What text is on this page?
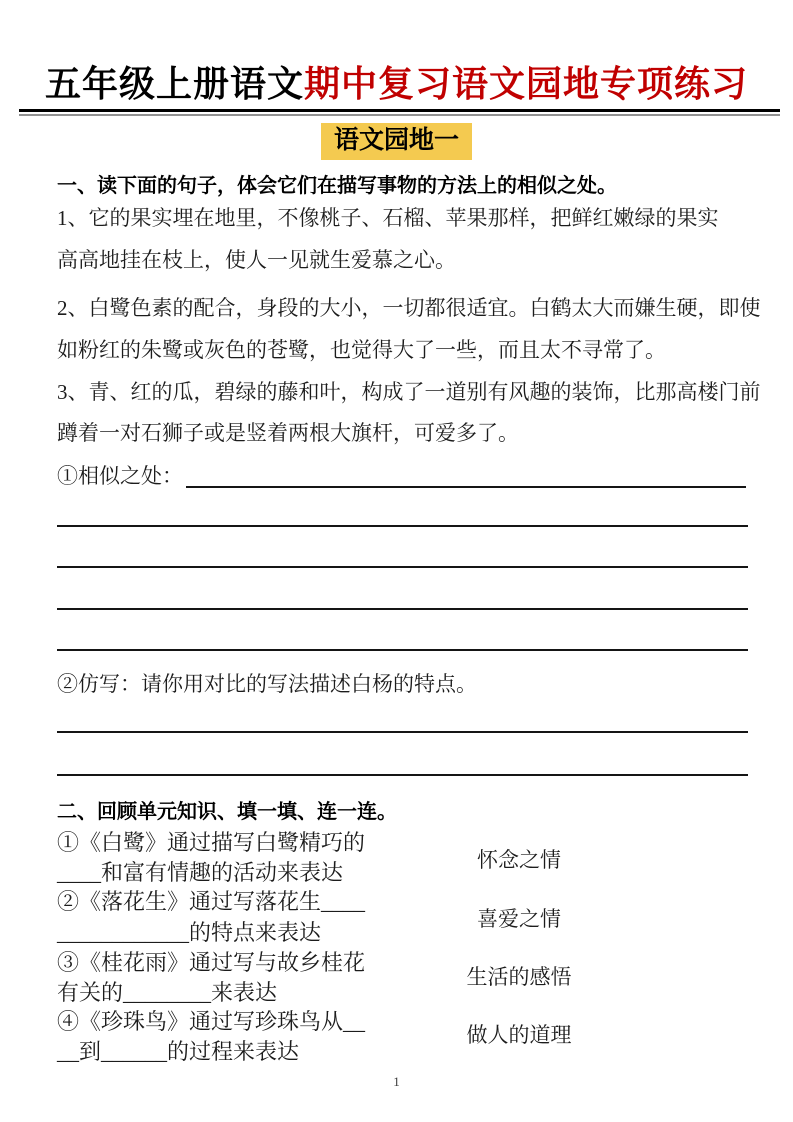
五年级上册语文期中复习语文园地专项练习
语文园地一
一、读下面的句子，体会它们在描写事物的方法上的相似之处。
1、它的果实埋在地里，不像桃子、石榴、苹果那样，把鲜红嫩绿的果实
高高地挂在枝上，使人一见就生爱慕之心。
2、白鹭色素的配合，身段的大小，一切都很适宜。白鹤太大而嫌生硬，即使
如粉红的朱鹭或灰色的苍鹭，也觉得大了一些，而且太不寻常了。
3、青、红的瓜，碧绿的藤和叶，构成了一道别有风趣的装饰，比那高楼门前
蹲着一对石狮子或是竖着两根大旗杆，可爱多了。
①相似之处：
②仿写：请你用对比的写法描述白杨的特点。
二、回顾单元知识、填一填、连一连。
①《白鹭》通过描写白鹭精巧的
____和富有情趣的活动来表达
②《落花生》通过写落花生____
____________的特点来表达
③《桂花雨》通过写与故乡桂花
有关的________来表达
④《珍珠鸟》通过写珍珠鸟从__
__到______的过程来表达
怀念之情
喜爱之情
生活的感悟
做人的道理
1
